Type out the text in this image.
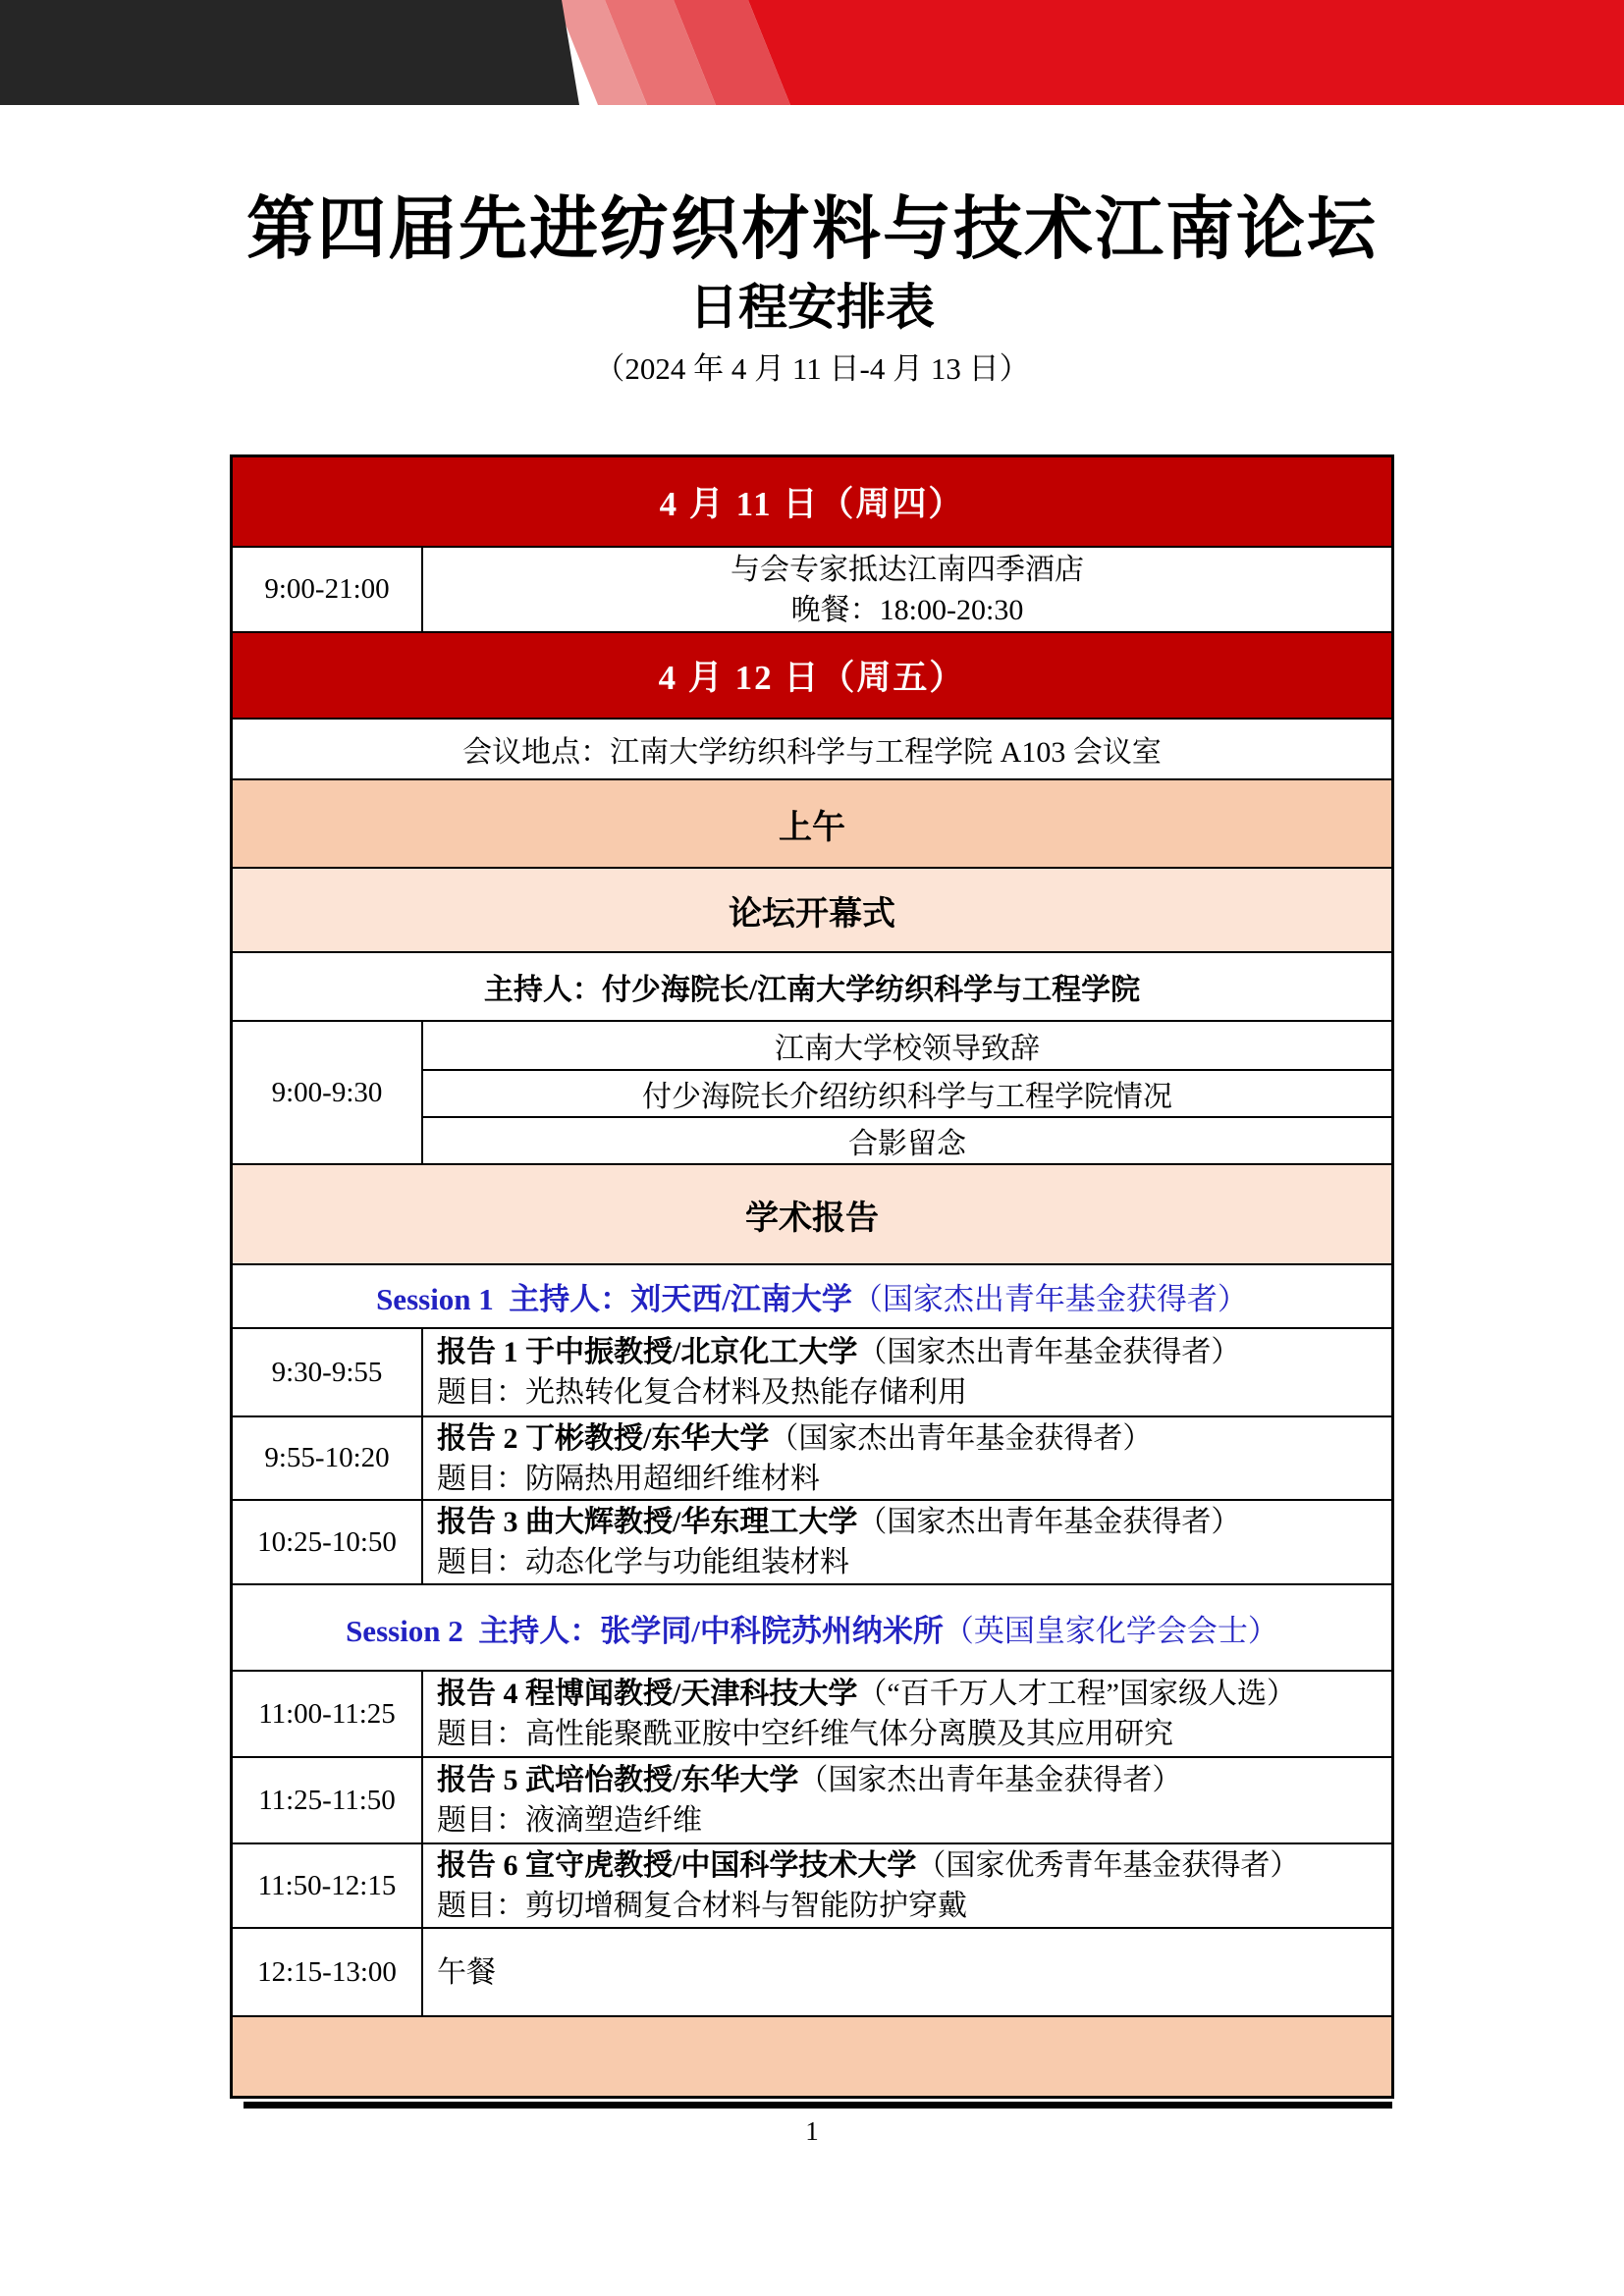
第四届先进纺织材料与技术江南论坛
日程安排表
（2024 年 4 月 11 日-4 月 13 日）
4 月 11 日（周四）
9:00-21:00
与会专家抵达江南四季酒店
晚餐：18:00-20:30
4 月 12 日（周五）
会议地点：江南大学纺织科学与工程学院 A103 会议室
上午
论坛开幕式
主持人：付少海院长/江南大学纺织科学与工程学院
9:00-9:30
江南大学校领导致辞
付少海院长介绍纺织科学与工程学院情况
合影留念
学术报告
Session 1 主持人：刘天西/江南大学（国家杰出青年基金获得者）
9:30-9:55
报告 1 于中振教授/北京化工大学（国家杰出青年基金获得者）
题目：光热转化复合材料及热能存储利用
9:55-10:20
报告 2 丁彬教授/东华大学（国家杰出青年基金获得者）
题目：防隔热用超细纤维材料
10:25-10:50
报告 3 曲大辉教授/华东理工大学（国家杰出青年基金获得者）
题目：动态化学与功能组装材料
Session 2 主持人：张学同/中科院苏州纳米所（英国皇家化学会会士）
11:00-11:25
报告 4 程博闻教授/天津科技大学（“百千万人才工程”国家级人选）
题目：高性能聚酰亚胺中空纤维气体分离膜及其应用研究
11:25-11:50
报告 5 武培怡教授/东华大学（国家杰出青年基金获得者）
题目：液滴塑造纤维
11:50-12:15
报告 6 宣守虎教授/中国科学技术大学（国家优秀青年基金获得者）
题目：剪切增稠复合材料与智能防护穿戴
12:15-13:00	午餐
1
